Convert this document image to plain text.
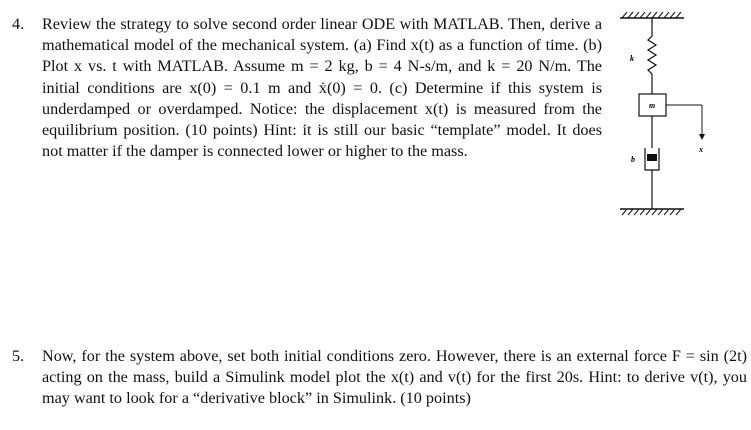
4.	Review the strategy to solve second order linear ODE with MATLAB. Then, derive a mathematical model of the mechanical system. (a) Find x(t) as a function of time. (b) Plot x vs. t with MATLAB. Assume m = 2 kg, b = 4 N-s/m, and k = 20 N/m. The initial conditions are x(0) = 0.1 m and ẋ(0) = 0. (c) Determine if this system is underdamped or overdamped. Notice: the displacement x(t) is measured from the equilibrium position. (10 points) Hint: it is still our basic “template” model. It does not matter if the damper is connected lower or higher to the mass.
k
m
x
b
5.	Now, for the system above, set both initial conditions zero. However, there is an external force F = sin (2t) acting on the mass, build a Simulink model plot the x(t) and v(t) for the first 20s. Hint: to derive v(t), you may want to look for a “derivative block” in Simulink. (10 points)
